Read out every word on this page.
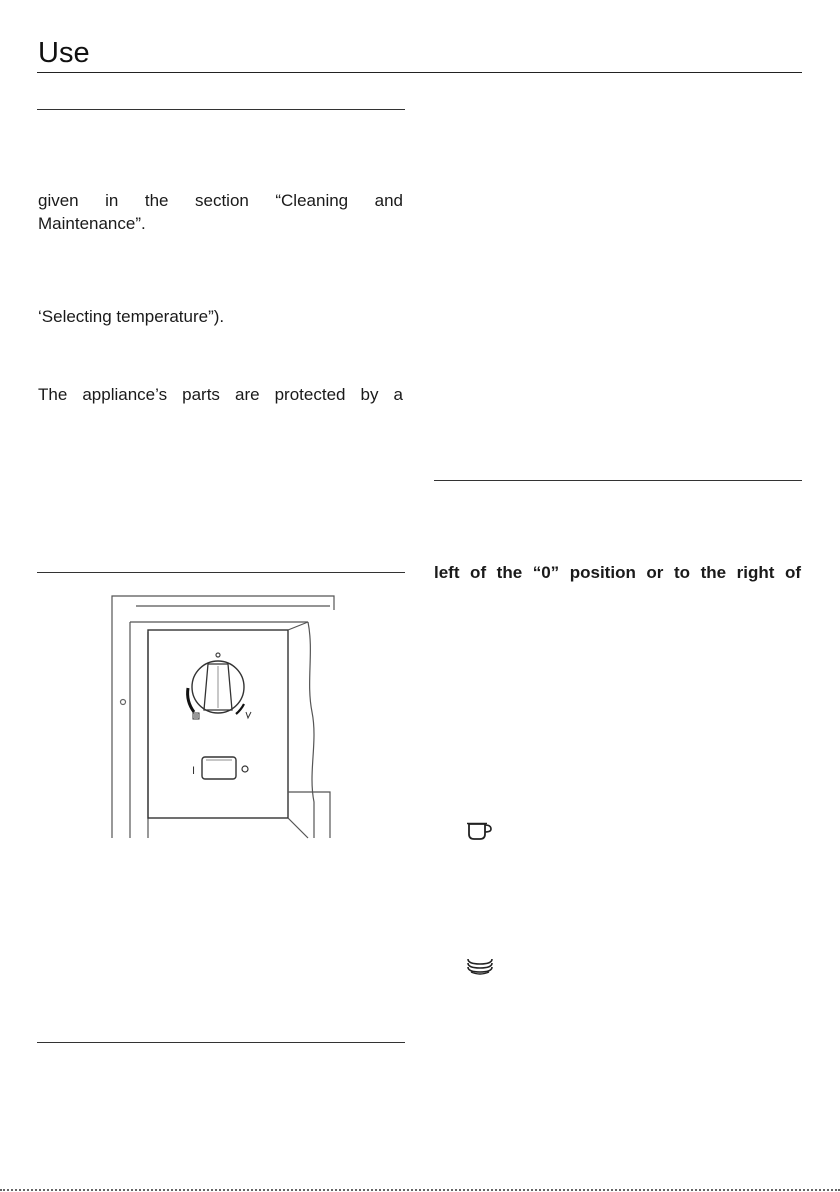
Use
given in the section “Cleaning and
Maintenance”.
‘Selecting temperature”).
The appliance’s parts are protected by a
left of the “0” position or to the right of
I
